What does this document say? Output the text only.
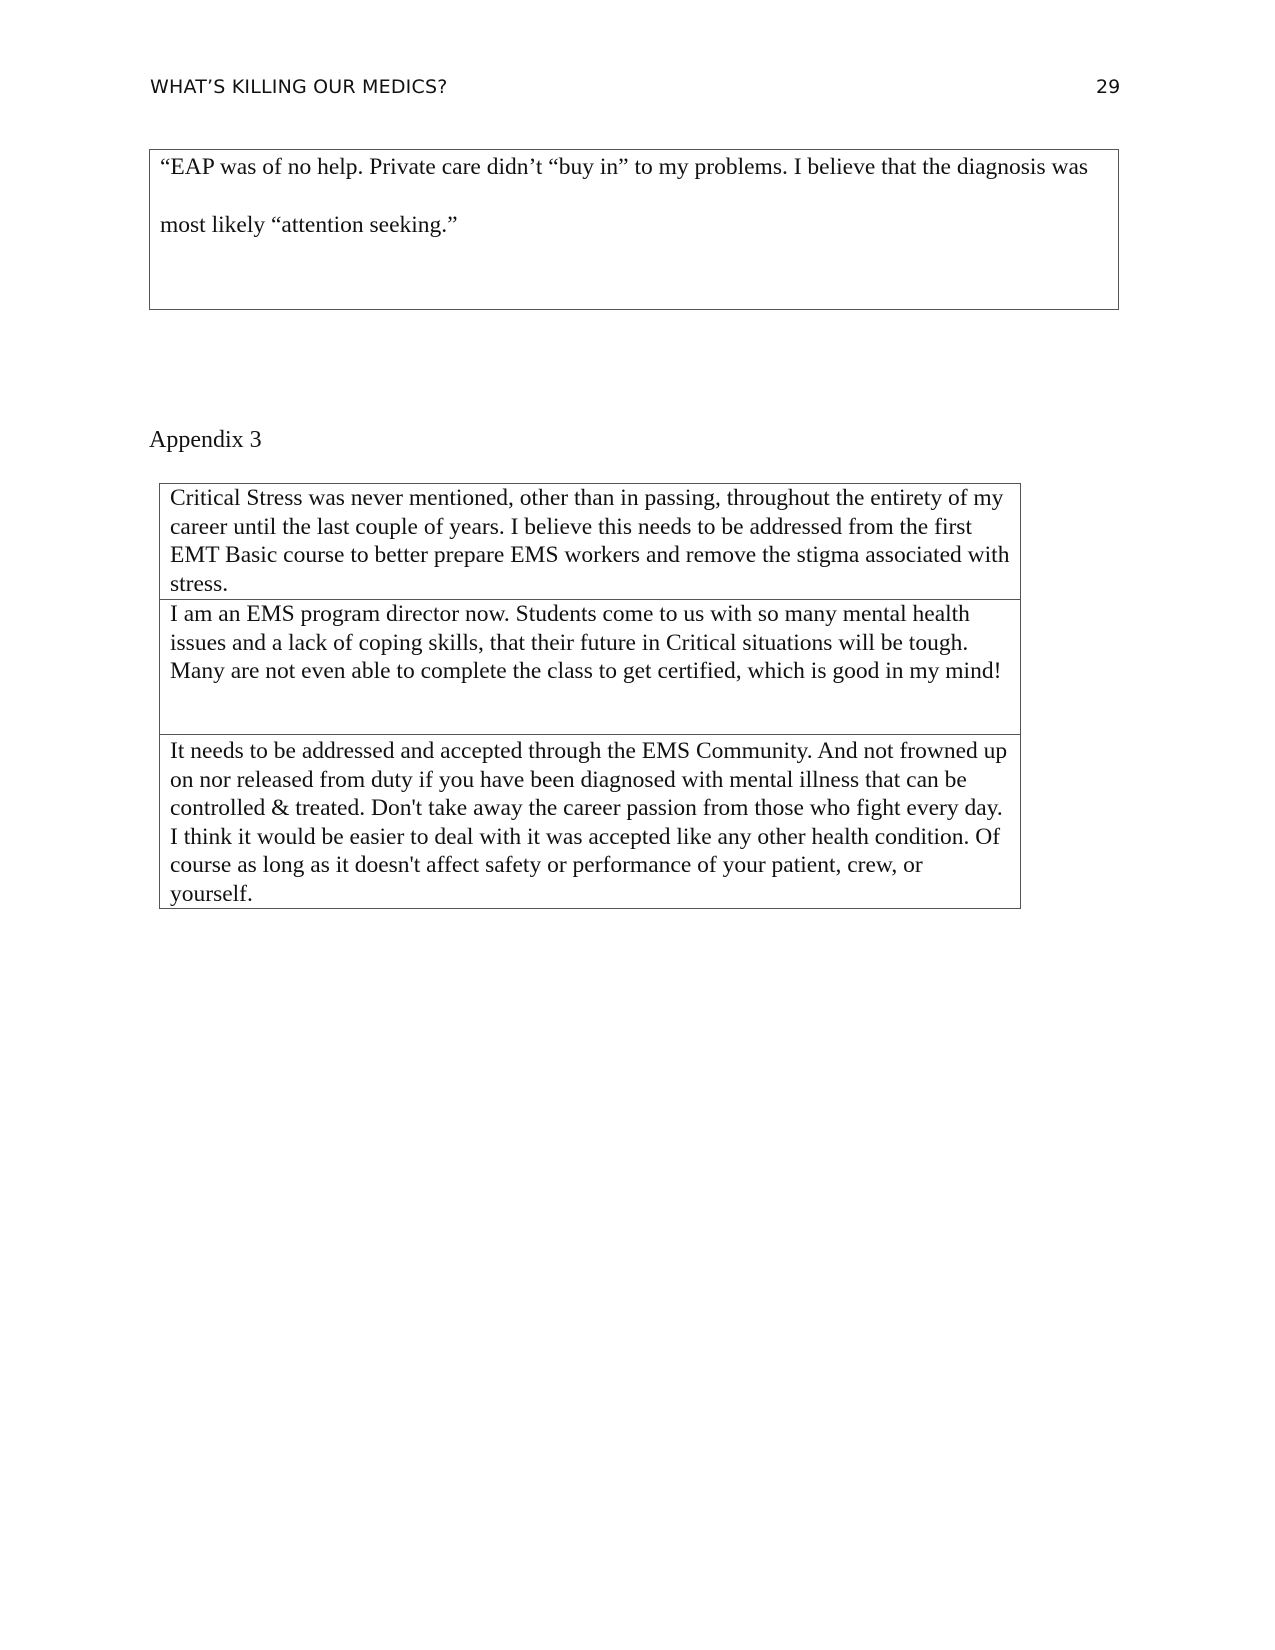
WHAT’S KILLING OUR MEDICS?	29

“EAP was of no help. Private care didn’t “buy in” to my problems. I believe that the diagnosis was most likely “attention seeking.”

Appendix 3
Critical Stress was never mentioned, other than in passing, throughout the entirety of my career until the last couple of years. I believe this needs to be addressed from the first EMT Basic course to better prepare EMS workers and remove the stigma associated with stress.
I am an EMS program director now. Students come to us with so many mental health issues and a lack of coping skills, that their future in Critical situations will be tough. Many are not even able to complete the class to get certified, which is good in my mind!
It needs to be addressed and accepted through the EMS Community. And not frowned up on nor released from duty if you have been diagnosed with mental illness that can be controlled & treated. Don't take away the career passion from those who fight every day. I think it would be easier to deal with it was accepted like any other health condition. Of course as long as it doesn't affect safety or performance of your patient, crew, or yourself.
